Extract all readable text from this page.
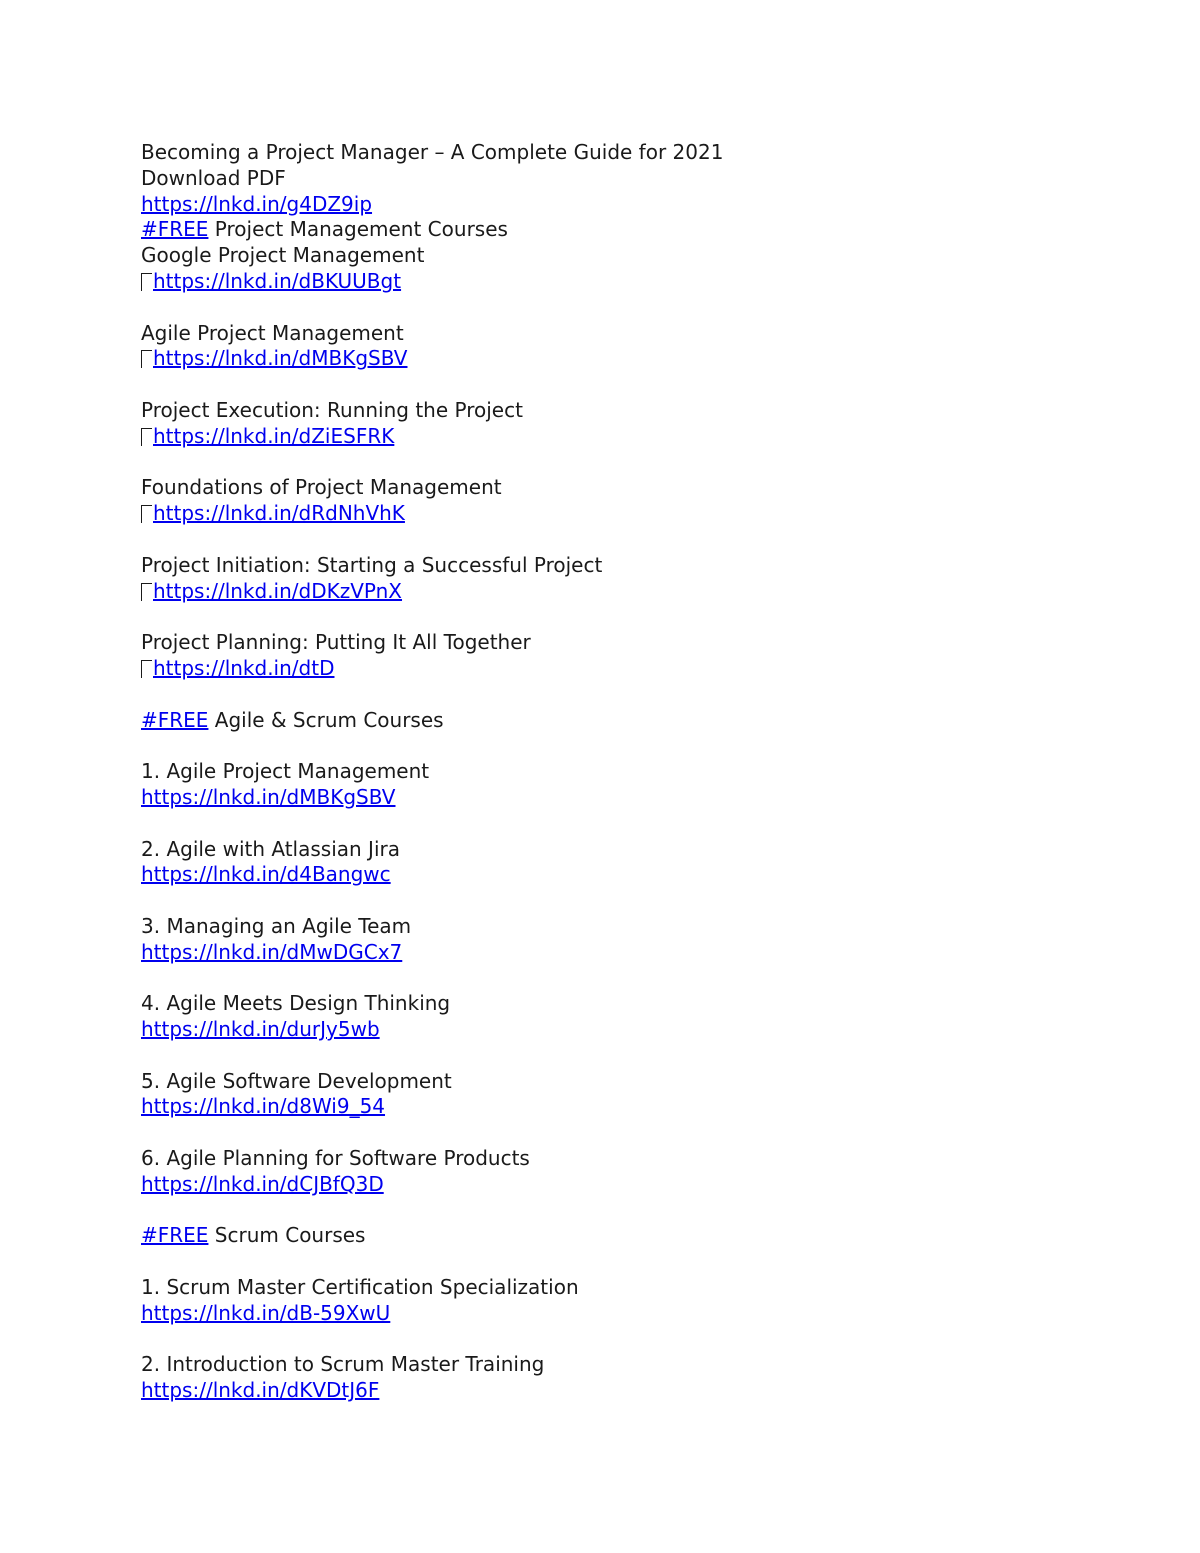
Becoming a Project Manager – A Complete Guide for 2021
Download PDF
https://lnkd.in/g4DZ9ip
#FREE Project Management Courses
Google Project Management
https://lnkd.in/dBKUUBgt
Agile Project Management
https://lnkd.in/dMBKgSBV
Project Execution: Running the Project
https://lnkd.in/dZiESFRK
Foundations of Project Management
https://lnkd.in/dRdNhVhK
Project Initiation: Starting a Successful Project
https://lnkd.in/dDKzVPnX
Project Planning: Putting It All Together
https://lnkd.in/dtD
#FREE Agile & Scrum Courses
1. Agile Project Management
https://lnkd.in/dMBKgSBV
2. Agile with Atlassian Jira
https://lnkd.in/d4Bangwc
3. Managing an Agile Team
https://lnkd.in/dMwDGCx7
4. Agile Meets Design Thinking
https://lnkd.in/durJy5wb
5. Agile Software Development
https://lnkd.in/d8Wi9_54
6. Agile Planning for Software Products
https://lnkd.in/dCJBfQ3D
#FREE Scrum Courses
1. Scrum Master Certification Specialization
https://lnkd.in/dB-59XwU
2. Introduction to Scrum Master Training
https://lnkd.in/dKVDtJ6F
